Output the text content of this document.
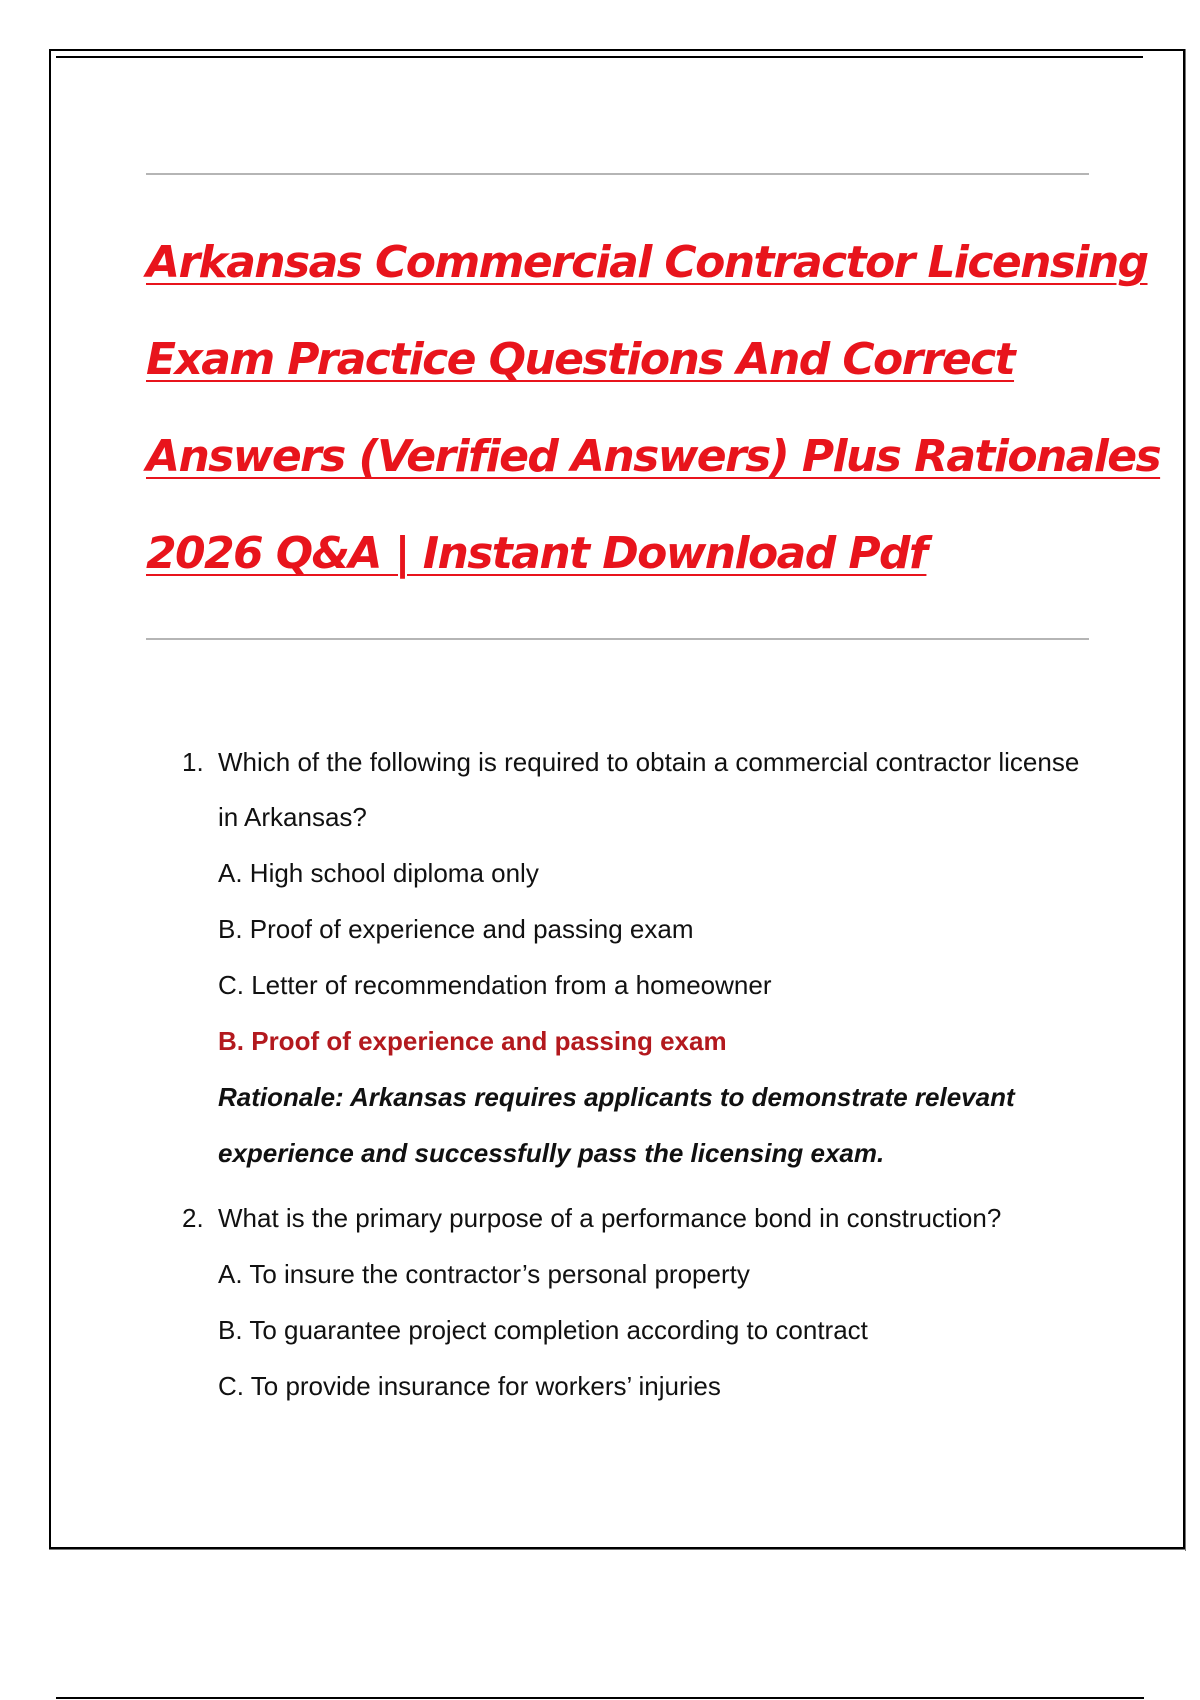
Arkansas Commercial Contractor Licensing
Exam Practice Questions And Correct
Answers (Verified Answers) Plus Rationales
2026 Q&A | Instant Download Pdf
1. Which of the following is required to obtain a commercial contractor license in Arkansas?
A. High school diploma only
B. Proof of experience and passing exam
C. Letter of recommendation from a homeowner
B. Proof of experience and passing exam
Rationale: Arkansas requires applicants to demonstrate relevant experience and successfully pass the licensing exam.
2. What is the primary purpose of a performance bond in construction?
A. To insure the contractor’s personal property
B. To guarantee project completion according to contract
C. To provide insurance for workers’ injuries
